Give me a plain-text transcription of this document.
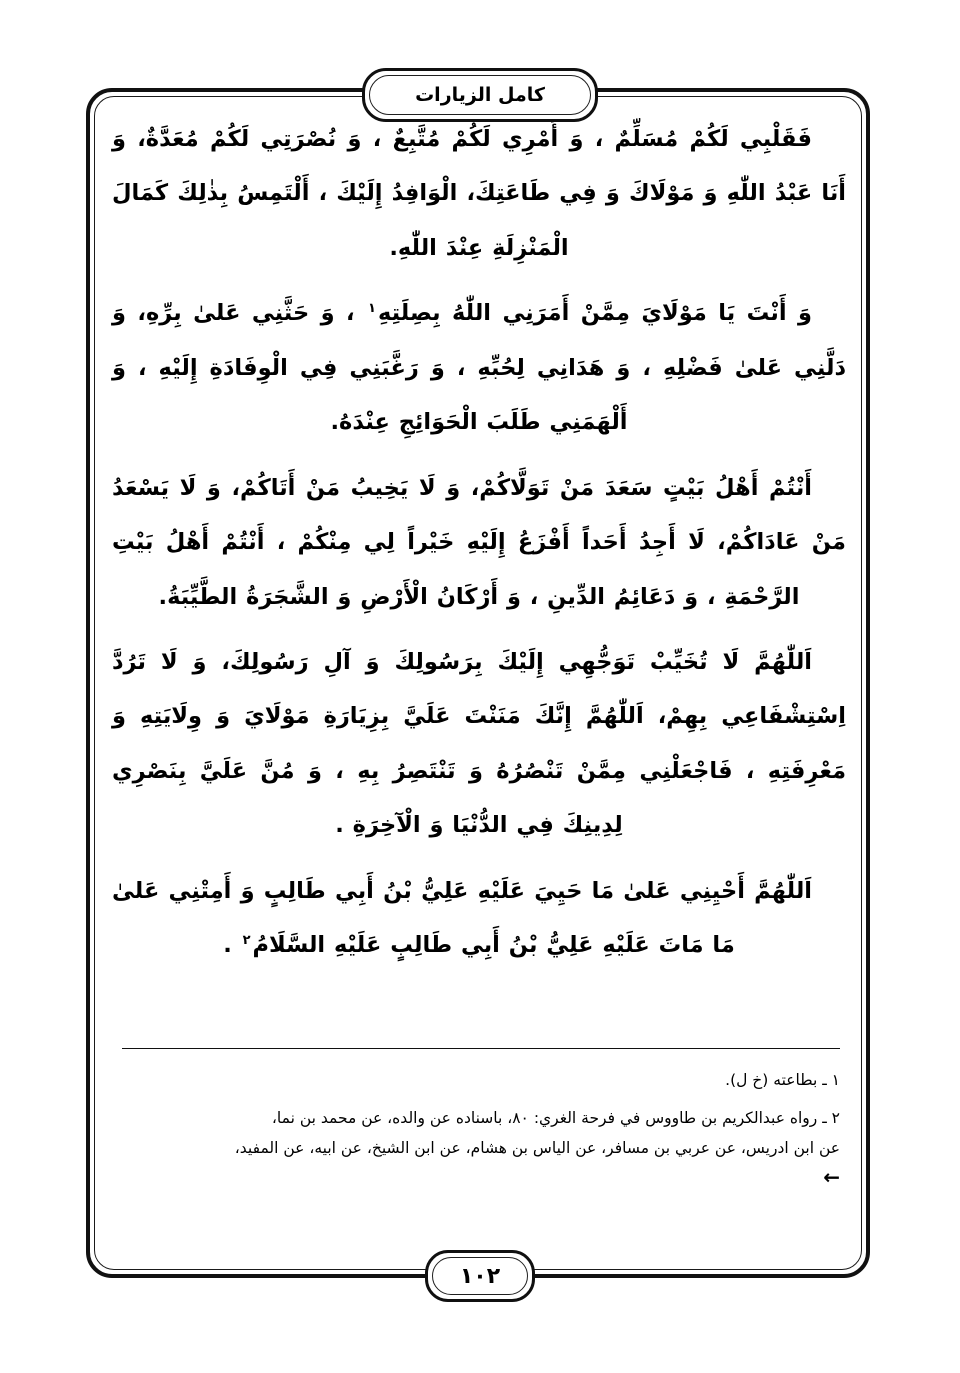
كامل الزيارات

فَقَلْبِي لَكُمْ مُسَلِّمٌ ، وَ أَمْرِي لَكُمْ مُتَّبِعٌ ، وَ نُصْرَتِي لَكُمْ مُعَدَّةٌ، وَ أَنَا عَبْدُ اللّٰهِ وَ مَوْلَاكَ وَ فِي طَاعَتِكَ، الْوَافِدُ إِلَيْكَ ، أَلْتَمِسُ بِذٰلِكَ كَمَالَ الْمَنْزِلَةِ عِنْدَ اللّٰهِ.

وَ أَنْتَ يَا مَوْلَايَ مِمَّنْ أَمَرَنِي اللّٰهُ بِصِلَتِهِ$^١$ ، وَ حَثَّنِي عَلىٰ بِرِّهِ، وَ دَلَّنِي عَلىٰ فَضْلِهِ ، وَ هَدَانِي لِحُبِّهِ ، وَ رَغَّبَنِي فِي الْوِفَادَةِ إِلَيْهِ ، وَ أَلْهَمَنِي طَلَبَ الْحَوَائِجِ عِنْدَهُ.

أَنْتُمْ أَهْلُ بَيْتٍ سَعَدَ مَنْ تَوَلَّاكُمْ، وَ لَا يَخِيبُ مَنْ أَتَاكُمْ، وَ لَا يَسْعَدُ مَنْ عَادَاكُمْ، لَا أَجِدُ أَحَداً أَفْزَعُ إِلَيْهِ خَيْراً لِي مِنْكُمْ ، أَنْتُمْ أَهْلُ بَيْتِ الرَّحْمَةِ ، وَ دَعَائِمُ الدِّينِ ، وَ أَرْكَانُ الْأَرْضِ وَ الشَّجَرَةُ الطَّيِّبَةُ.

اَللّٰهُمَّ لَا تُخَيِّبْ تَوَجُّهِي إِلَيْكَ بِرَسُولِكَ وَ آلِ رَسُولِكَ، وَ لَا تَرُدَّ اِسْتِشْفَاعِي بِهِمْ، اَللّٰهُمَّ إِنَّكَ مَنَنْتَ عَلَيَّ بِزِيَارَةِ مَوْلَايَ وَ وِلَايَتِهِ وَ مَعْرِفَتِهِ ، فَاجْعَلْنِي مِمَّنْ تَنْصُرُهُ وَ تَنْتَصِرُ بِهِ ، وَ مُنَّ عَلَيَّ بِنَصْرِي لِدِينِكَ فِي الدُّنْيَا وَ الْآخِرَةِ .

اَللّٰهُمَّ أَحْيِنِي عَلىٰ مَا حَيِيَ عَلَيْهِ عَلِيُّ بْنُ أَبِي طَالِبٍ وَ أَمِتْنِي عَلىٰ مَا مَاتَ عَلَيْهِ عَلِيُّ بْنُ أَبِي طَالِبٍ عَلَيْهِ السَّلَامُ$^٢$ .

١ ـ بطاعته (خ ل).

٢ ـ رواه عبدالكريم بن طاووس في فرحة الغري: ٨٠، باسناده عن والده، عن محمد بن نما،

عن ابن ادريس، عن عربي بن مسافر، عن الياس بن هشام، عن ابن الشيخ، عن ابيه، عن المفيد،

←
١٠٢
